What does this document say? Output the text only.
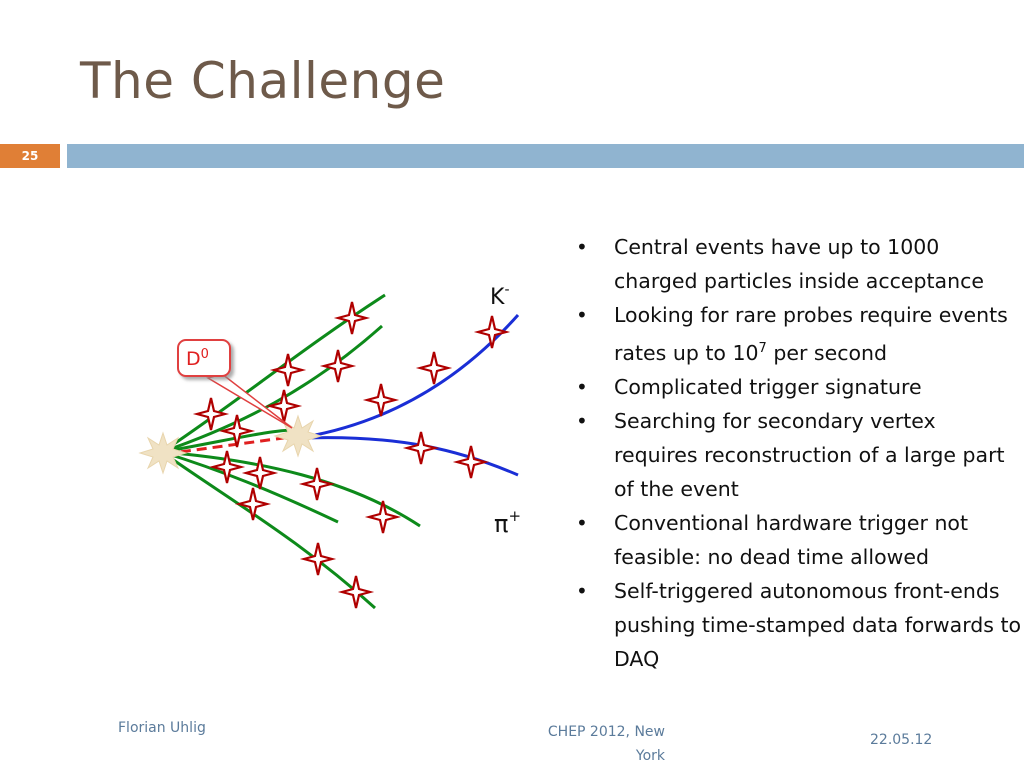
The Challenge
25
$D^0$
K-
π+
• Central events have up to 1000 charged particles inside acceptance
• Looking for rare probes require events rates up to $10^7$ per second
• Complicated trigger signature
• Searching for secondary vertex requires reconstruction of a large part of the event
• Conventional hardware trigger not feasible: no dead time allowed
• Self-triggered autonomous front-ends pushing time-stamped data forwards to DAQ
Florian Uhlig	CHEP 2012, New
York
22.05.12
